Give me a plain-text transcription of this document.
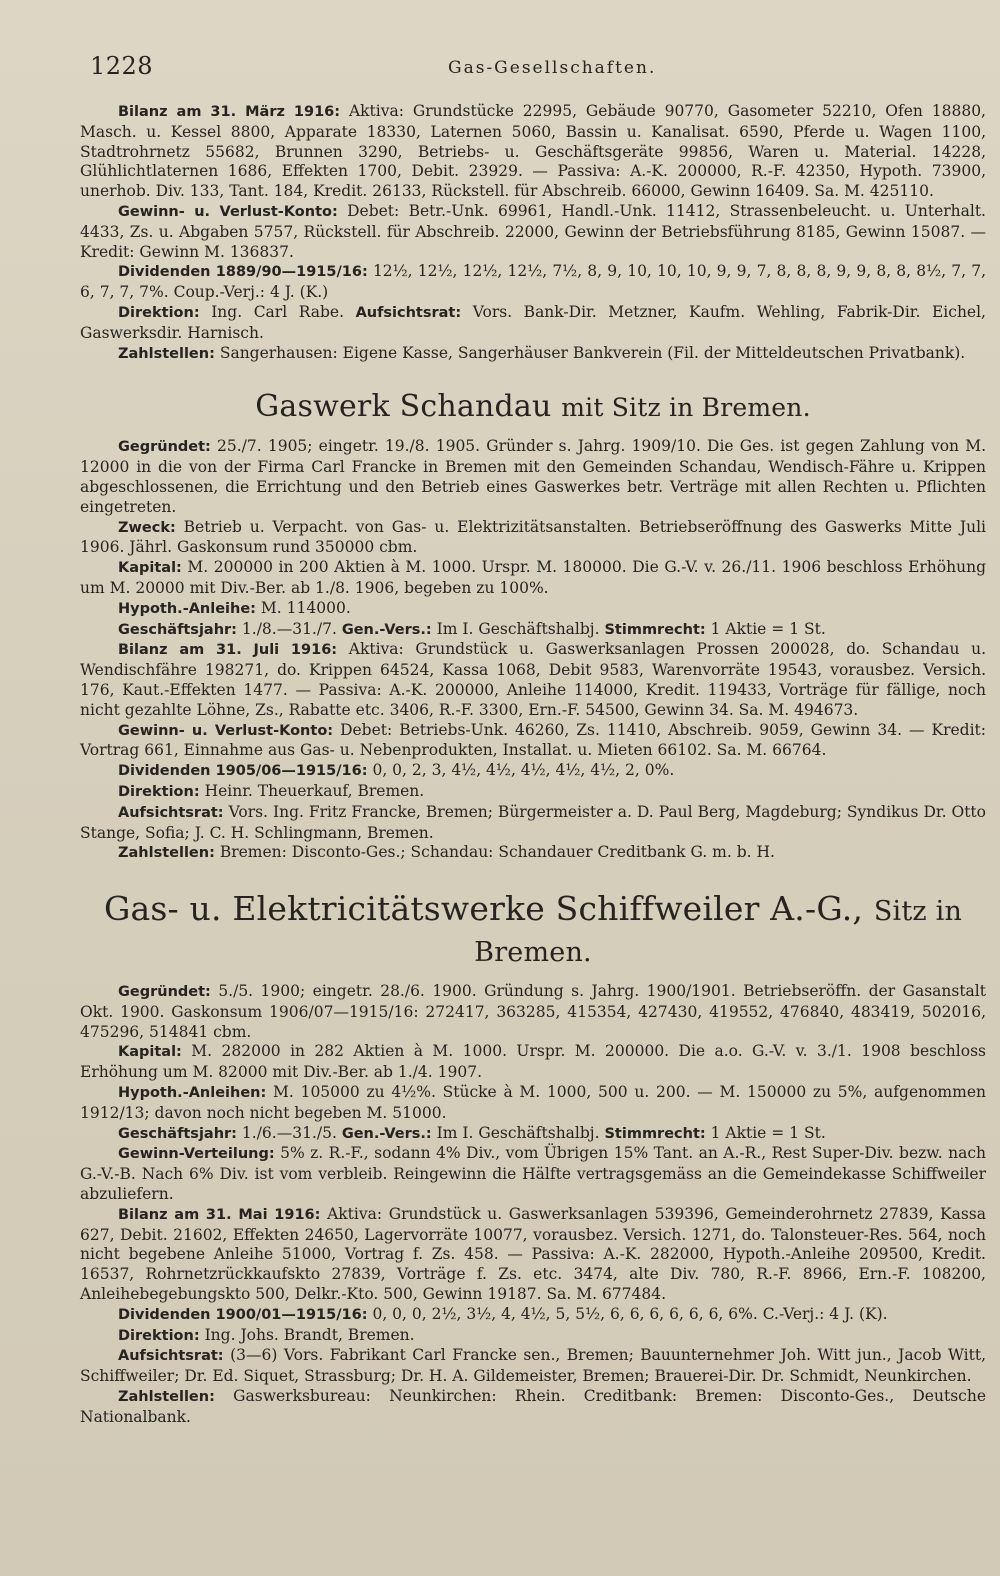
1228	Gas-Gesellschaften.

Bilanz am 31. März 1916: Aktiva: Grundstücke 22995, Gebäude 90770, Gasometer 52210, Ofen 18880, Masch. u. Kessel 8800, Apparate 18330, Laternen 5060, Bassin u. Kanalisat. 6590, Pferde u. Wagen 1100, Stadtrohrnetz 55682, Brunnen 3290, Betriebs- u. Geschäftsgeräte 99856, Waren u. Material. 14228, Glühlichtlaternen 1686, Effekten 1700, Debit. 23929. — Passiva: A.-K. 200000, R.-F. 42350, Hypoth. 73900, unerhob. Div. 133, Tant. 184, Kredit. 26133, Rückstell. für Abschreib. 66000, Gewinn 16409. Sa. M. 425110.

Gewinn- u. Verlust-Konto: Debet: Betr.-Unk. 69961, Handl.-Unk. 11412, Strassenbeleucht. u. Unterhalt. 4433, Zs. u. Abgaben 5757, Rückstell. für Abschreib. 22000, Gewinn der Betriebsführung 8185, Gewinn 15087. — Kredit: Gewinn M. 136837.

Dividenden 1889/90—1915/16: 12½, 12½, 12½, 12½, 7½, 8, 9, 10, 10, 10, 9, 9, 7, 8, 8, 8, 9, 9, 8, 8, 8½, 7, 7, 6, 7, 7, 7%. Coup.-Verj.: 4 J. (K.)

Direktion: Ing. Carl Rabe. Aufsichtsrat: Vors. Bank-Dir. Metzner, Kaufm. Wehling, Fabrik-Dir. Eichel, Gaswerksdir. Harnisch.

Zahlstellen: Sangerhausen: Eigene Kasse, Sangerhäuser Bankverein (Fil. der Mitteldeutschen Privatbank).

Gaswerk Schandau mit Sitz in Bremen.

Gegründet: 25./7. 1905; eingetr. 19./8. 1905. Gründer s. Jahrg. 1909/10. Die Ges. ist gegen Zahlung von M. 12000 in die von der Firma Carl Francke in Bremen mit den Gemeinden Schandau, Wendisch-Fähre u. Krippen abgeschlossenen, die Errichtung und den Betrieb eines Gaswerkes betr. Verträge mit allen Rechten u. Pflichten eingetreten.

Zweck: Betrieb u. Verpacht. von Gas- u. Elektrizitätsanstalten. Betriebseröffnung des Gaswerks Mitte Juli 1906. Jährl. Gaskonsum rund 350000 cbm.

Kapital: M. 200000 in 200 Aktien à M. 1000. Urspr. M. 180000. Die G.-V. v. 26./11. 1906 beschloss Erhöhung um M. 20000 mit Div.-Ber. ab 1./8. 1906, begeben zu 100%.

Hypoth.-Anleihe: M. 114000.

Geschäftsjahr: 1./8.—31./7. Gen.-Vers.: Im I. Geschäftshalbj. Stimmrecht: 1 Aktie = 1 St.

Bilanz am 31. Juli 1916: Aktiva: Grundstück u. Gaswerksanlagen Prossen 200028, do. Schandau u. Wendischfähre 198271, do. Krippen 64524, Kassa 1068, Debit 9583, Warenvorräte 19543, vorausbez. Versich. 176, Kaut.-Effekten 1477. — Passiva: A.-K. 200000, Anleihe 114000, Kredit. 119433, Vorträge für fällige, noch nicht gezahlte Löhne, Zs., Rabatte etc. 3406, R.-F. 3300, Ern.-F. 54500, Gewinn 34. Sa. M. 494673.

Gewinn- u. Verlust-Konto: Debet: Betriebs-Unk. 46260, Zs. 11410, Abschreib. 9059, Gewinn 34. — Kredit: Vortrag 661, Einnahme aus Gas- u. Nebenprodukten, Installat. u. Mieten 66102. Sa. M. 66764.

Dividenden 1905/06—1915/16: 0, 0, 2, 3, 4½, 4½, 4½, 4½, 4½, 2, 0%.

Direktion: Heinr. Theuerkauf, Bremen.

Aufsichtsrat: Vors. Ing. Fritz Francke, Bremen; Bürgermeister a. D. Paul Berg, Magdeburg; Syndikus Dr. Otto Stange, Sofia; J. C. H. Schlingmann, Bremen.

Zahlstellen: Bremen: Disconto-Ges.; Schandau: Schandauer Creditbank G. m. b. H.

Gas- u. Elektricitätswerke Schiffweiler A.-G., Sitz in Bremen.

Gegründet: 5./5. 1900; eingetr. 28./6. 1900. Gründung s. Jahrg. 1900/1901. Betriebseröffn. der Gasanstalt Okt. 1900. Gaskonsum 1906/07—1915/16: 272417, 363285, 415354, 427430, 419552, 476840, 483419, 502016, 475296, 514841 cbm.

Kapital: M. 282000 in 282 Aktien à M. 1000. Urspr. M. 200000. Die a.o. G.-V. v. 3./1. 1908 beschloss Erhöhung um M. 82000 mit Div.-Ber. ab 1./4. 1907.

Hypoth.-Anleihen: M. 105000 zu 4½%. Stücke à M. 1000, 500 u. 200. — M. 150000 zu 5%, aufgenommen 1912/13; davon noch nicht begeben M. 51000.

Geschäftsjahr: 1./6.—31./5. Gen.-Vers.: Im I. Geschäftshalbj. Stimmrecht: 1 Aktie = 1 St.

Gewinn-Verteilung: 5% z. R.-F., sodann 4% Div., vom Übrigen 15% Tant. an A.-R., Rest Super-Div. bezw. nach G.-V.-B. Nach 6% Div. ist vom verbleib. Reingewinn die Hälfte vertragsgemäss an die Gemeindekasse Schiffweiler abzuliefern.

Bilanz am 31. Mai 1916: Aktiva: Grundstück u. Gaswerksanlagen 539396, Gemeinderohrnetz 27839, Kassa 627, Debit. 21602, Effekten 24650, Lagervorräte 10077, vorausbez. Versich. 1271, do. Talonsteuer-Res. 564, noch nicht begebene Anleihe 51000, Vortrag f. Zs. 458. — Passiva: A.-K. 282000, Hypoth.-Anleihe 209500, Kredit. 16537, Rohrnetzrückkaufskto 27839, Vorträge f. Zs. etc. 3474, alte Div. 780, R.-F. 8966, Ern.-F. 108200, Anleihebegebungskto 500, Delkr.-Kto. 500, Gewinn 19187. Sa. M. 677484.

Dividenden 1900/01—1915/16: 0, 0, 0, 2½, 3½, 4, 4½, 5, 5½, 6, 6, 6, 6, 6, 6, 6%. C.-Verj.: 4 J. (K).

Direktion: Ing. Johs. Brandt, Bremen.

Aufsichtsrat: (3—6) Vors. Fabrikant Carl Francke sen., Bremen; Bauunternehmer Joh. Witt jun., Jacob Witt, Schiffweiler; Dr. Ed. Siquet, Strassburg; Dr. H. A. Gildemeister, Bremen; Brauerei-Dir. Dr. Schmidt, Neunkirchen.

Zahlstellen: Gaswerksbureau: Neunkirchen: Rhein. Creditbank: Bremen: Disconto-Ges., Deutsche Nationalbank.
